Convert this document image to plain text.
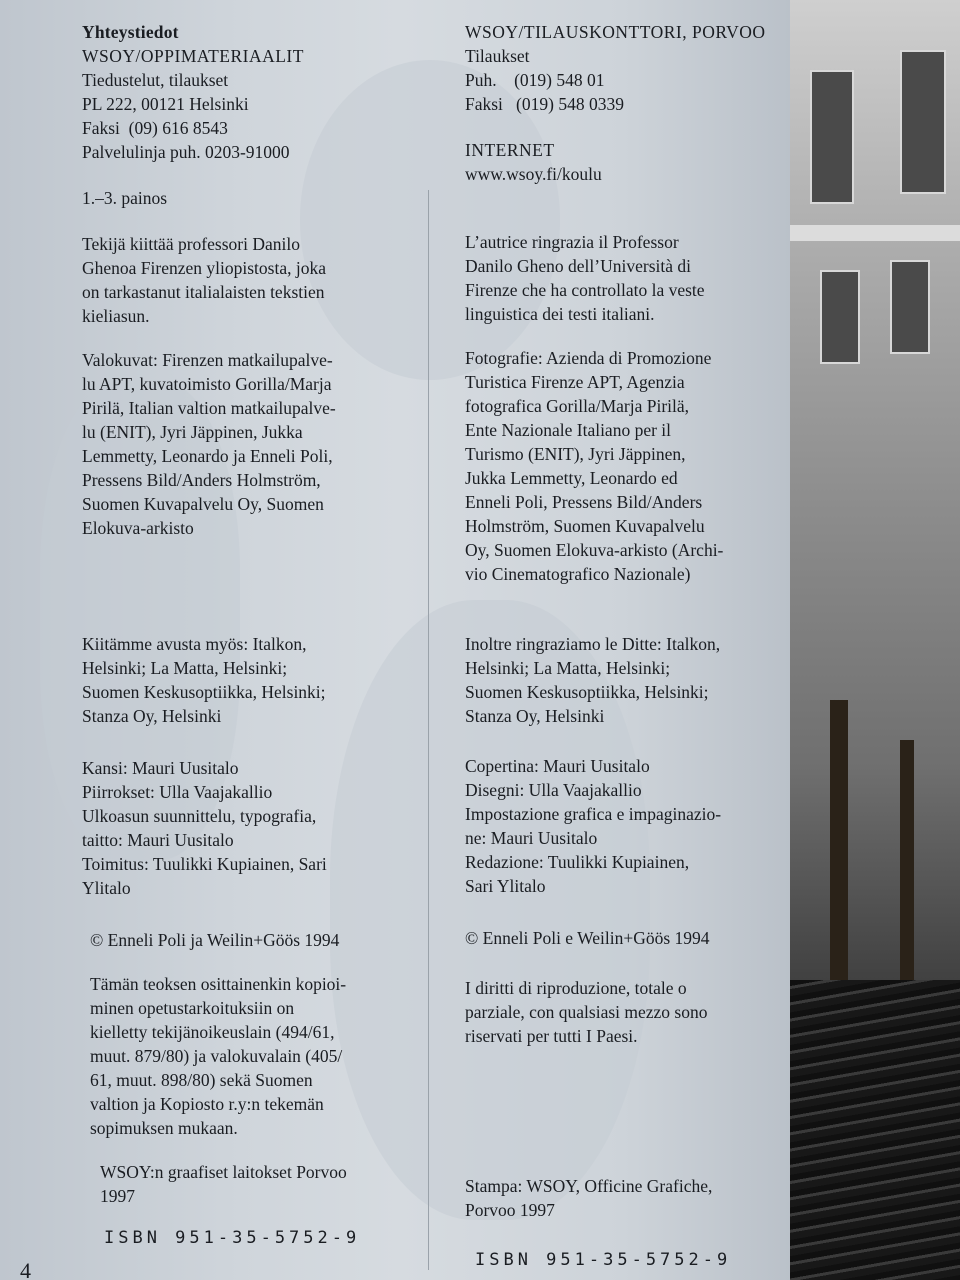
Yhteystiedot

WSOY/OPPIMATERIAALIT

Tiedustelut, tilaukset

PL 222, 00121 Helsinki

Faksi  (09) 616 8543

Palvelulinja puh. 0203-91000

1.–3. painos

Tekijä kiittää professori Danilo

Ghenoa Firenzen yliopistosta, joka

on tarkastanut italialaisten tekstien

kieliasun.

Valokuvat: Firenzen matkailupalve-

lu APT, kuvatoimisto Gorilla/Marja

Pirilä, Italian valtion matkailupalve-

lu (ENIT), Jyri Jäppinen, Jukka

Lemmetty, Leonardo ja Enneli Poli,

Pressens Bild/Anders Holmström,

Suomen Kuvapalvelu Oy, Suomen

Elokuva-arkisto

Kiitämme avusta myös: Italkon,

Helsinki; La Matta, Helsinki;

Suomen Keskusoptiikka, Helsinki;

Stanza Oy, Helsinki

Kansi: Mauri Uusitalo

Piirrokset: Ulla Vaajakallio

Ulkoasun suunnittelu, typografia,

taitto: Mauri Uusitalo

Toimitus: Tuulikki Kupiainen, Sari

Ylitalo

© Enneli Poli ja Weilin+Göös 1994

Tämän teoksen osittainenkin kopioi-

minen opetustarkoituksiin on

kielletty tekijänoikeuslain (494/61,

muut. 879/80) ja valokuvalain (405/

61, muut. 898/80) sekä Suomen

valtion ja Kopiosto r.y:n tekemän

sopimuksen mukaan.

WSOY:n graafiset laitokset Porvoo

1997

ISBN 951-35-5752-9

WSOY/TILAUSKONTTORI, PORVOO

Tilaukset

Puh.    (019) 548 01

Faksi   (019) 548 0339

INTERNET

www.wsoy.fi/koulu

L’autrice ringrazia il Professor

Danilo Gheno dell’Università di

Firenze che ha controllato la veste

linguistica dei testi italiani.

Fotografie: Azienda di Promozione

Turistica Firenze APT, Agenzia

fotografica Gorilla/Marja Pirilä,

Ente Nazionale Italiano per il

Turismo (ENIT), Jyri Jäppinen,

Jukka Lemmetty, Leonardo ed

Enneli Poli, Pressens Bild/Anders

Holmström, Suomen Kuvapalvelu

Oy, Suomen Elokuva-arkisto (Archi-

vio Cinematografico Nazionale)

Inoltre ringraziamo le Ditte: Italkon,

Helsinki; La Matta, Helsinki;

Suomen Keskusoptiikka, Helsinki;

Stanza Oy, Helsinki

Copertina: Mauri Uusitalo

Disegni: Ulla Vaajakallio

Impostazione grafica e impaginazio-

ne: Mauri Uusitalo

Redazione: Tuulikki Kupiainen,

Sari Ylitalo

© Enneli Poli e Weilin+Göös 1994

I diritti di riproduzione, totale o

parziale, con qualsiasi mezzo sono

riservati per tutti I Paesi.

Stampa: WSOY, Officine Grafiche,

Porvoo 1997

ISBN 951-35-5752-9

4
